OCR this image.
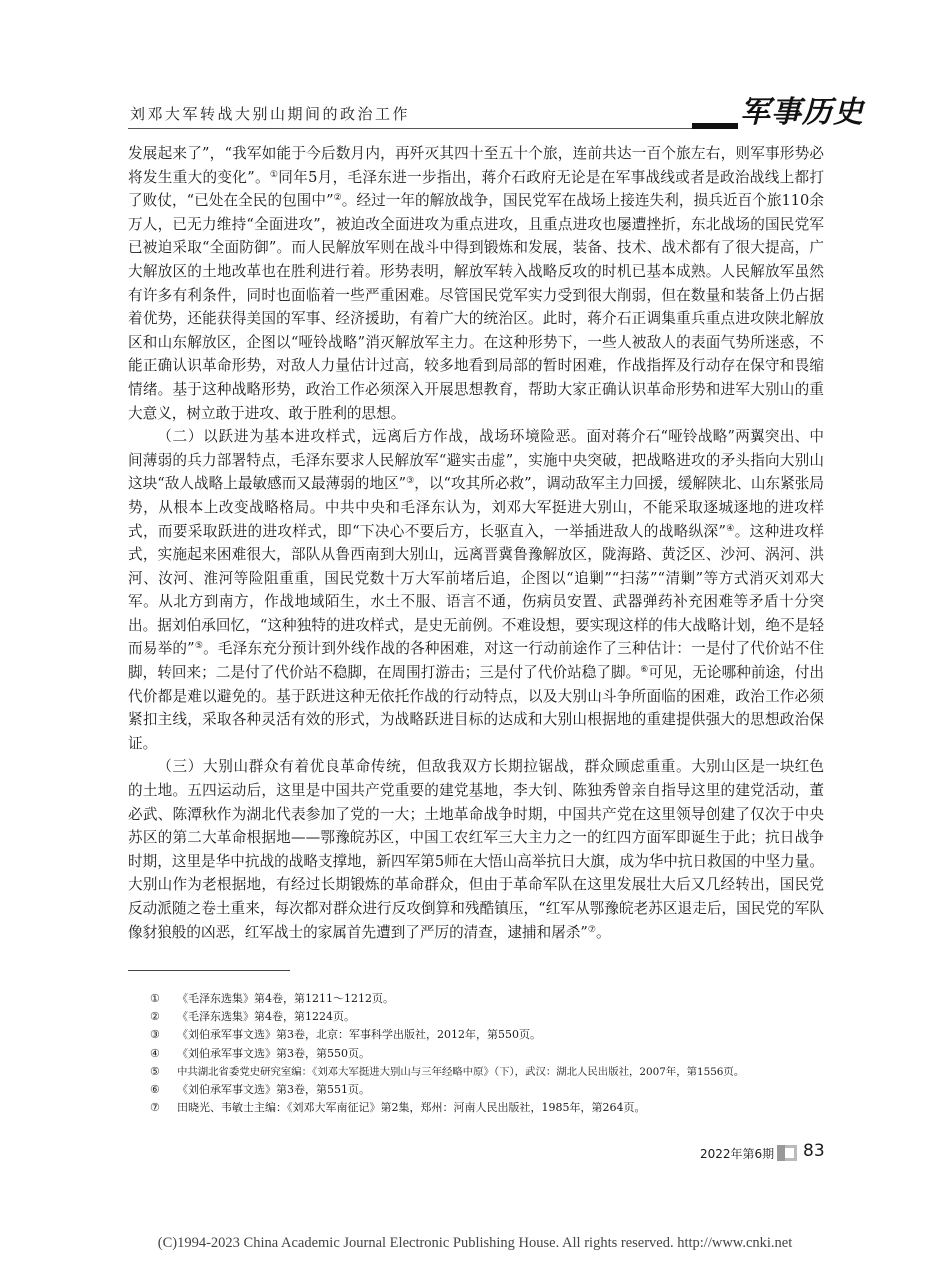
刘邓大军转战大别山期间的政治工作	军事历史

发展起来了”，“我军如能于今后数月内，再歼灭其四十至五十个旅，连前共达一百个旅左右，则军事形势必将发生重大的变化”。①同年5月，毛泽东进一步指出，蒋介石政府无论是在军事战线或者是政治战线上都打了败仗，“已处在全民的包围中”②。经过一年的解放战争，国民党军在战场上接连失利，损兵近百个旅110余万人，已无力维持“全面进攻”，被迫改全面进攻为重点进攻，且重点进攻也屡遭挫折，东北战场的国民党军已被迫采取“全面防御”。而人民解放军则在战斗中得到锻炼和发展，装备、技术、战术都有了很大提高，广大解放区的土地改革也在胜利进行着。形势表明，解放军转入战略反攻的时机已基本成熟。人民解放军虽然有许多有利条件，同时也面临着一些严重困难。尽管国民党军实力受到很大削弱，但在数量和装备上仍占据着优势，还能获得美国的军事、经济援助，有着广大的统治区。此时，蒋介石正调集重兵重点进攻陕北解放区和山东解放区，企图以“哑铃战略”消灭解放军主力。在这种形势下，一些人被敌人的表面气势所迷惑，不能正确认识革命形势，对敌人力量估计过高，较多地看到局部的暂时困难，作战指挥及行动存在保守和畏缩情绪。基于这种战略形势，政治工作必须深入开展思想教育，帮助大家正确认识革命形势和进军大别山的重大意义，树立敢于进攻、敢于胜利的思想。

（二）以跃进为基本进攻样式，远离后方作战，战场环境险恶。面对蒋介石“哑铃战略”两翼突出、中间薄弱的兵力部署特点，毛泽东要求人民解放军“避实击虚”，实施中央突破，把战略进攻的矛头指向大别山这块“敌人战略上最敏感而又最薄弱的地区”③，以“攻其所必救”，调动敌军主力回援，缓解陕北、山东紧张局势，从根本上改变战略格局。中共中央和毛泽东认为，刘邓大军挺进大别山，不能采取逐城逐地的进攻样式，而要采取跃进的进攻样式，即“下决心不要后方，长驱直入，一举插进敌人的战略纵深”④。这种进攻样式，实施起来困难很大，部队从鲁西南到大别山，远离晋冀鲁豫解放区，陇海路、黄泛区、沙河、涡河、洪河、汝河、淮河等险阻重重，国民党数十万大军前堵后追，企图以“追剿”“扫荡”“清剿”等方式消灭刘邓大军。从北方到南方，作战地域陌生，水土不服、语言不通，伤病员安置、武器弹药补充困难等矛盾十分突出。据刘伯承回忆，“这种独特的进攻样式，是史无前例。不难设想，要实现这样的伟大战略计划，绝不是轻而易举的”⑤。毛泽东充分预计到外线作战的各种困难，对这一行动前途作了三种估计：一是付了代价站不住脚，转回来；二是付了代价站不稳脚，在周围打游击；三是付了代价站稳了脚。⑥可见，无论哪种前途，付出代价都是难以避免的。基于跃进这种无依托作战的行动特点，以及大别山斗争所面临的困难，政治工作必须紧扣主线，采取各种灵活有效的形式，为战略跃进目标的达成和大别山根据地的重建提供强大的思想政治保证。

（三）大别山群众有着优良革命传统，但敌我双方长期拉锯战，群众顾虑重重。大别山区是一块红色的土地。五四运动后，这里是中国共产党重要的建党基地，李大钊、陈独秀曾亲自指导这里的建党活动，董必武、陈潭秋作为湖北代表参加了党的一大；土地革命战争时期，中国共产党在这里领导创建了仅次于中央苏区的第二大革命根据地——鄂豫皖苏区，中国工农红军三大主力之一的红四方面军即诞生于此；抗日战争时期，这里是华中抗战的战略支撑地，新四军第5师在大悟山高举抗日大旗，成为华中抗日救国的中坚力量。大别山作为老根据地，有经过长期锻炼的革命群众，但由于革命军队在这里发展壮大后又几经转出，国民党反动派随之卷土重来，每次都对群众进行反攻倒算和残酷镇压，“红军从鄂豫皖老苏区退走后，国民党的军队像豺狼般的凶恶，红军战士的家属首先遭到了严厉的清查，逮捕和屠杀”⑦。

①	《毛泽东选集》第4卷，第1211～1212页。
②	《毛泽东选集》第4卷，第1224页。
③	《刘伯承军事文选》第3卷，北京：军事科学出版社，2012年，第550页。
④	《刘伯承军事文选》第3卷，第550页。
⑤	中共湖北省委党史研究室编：《刘邓大军挺进大别山与三年经略中原》（下），武汉：湖北人民出版社，2007年，第1556页。
⑥	《刘伯承军事文选》第3卷，第551页。
⑦	田晓光、韦敏士主编：《刘邓大军南征记》第2集，郑州：河南人民出版社，1985年，第264页。
2022年第6期 83
(C)1994-2023 China Academic Journal Electronic Publishing House. All rights reserved. http://www.cnki.net
